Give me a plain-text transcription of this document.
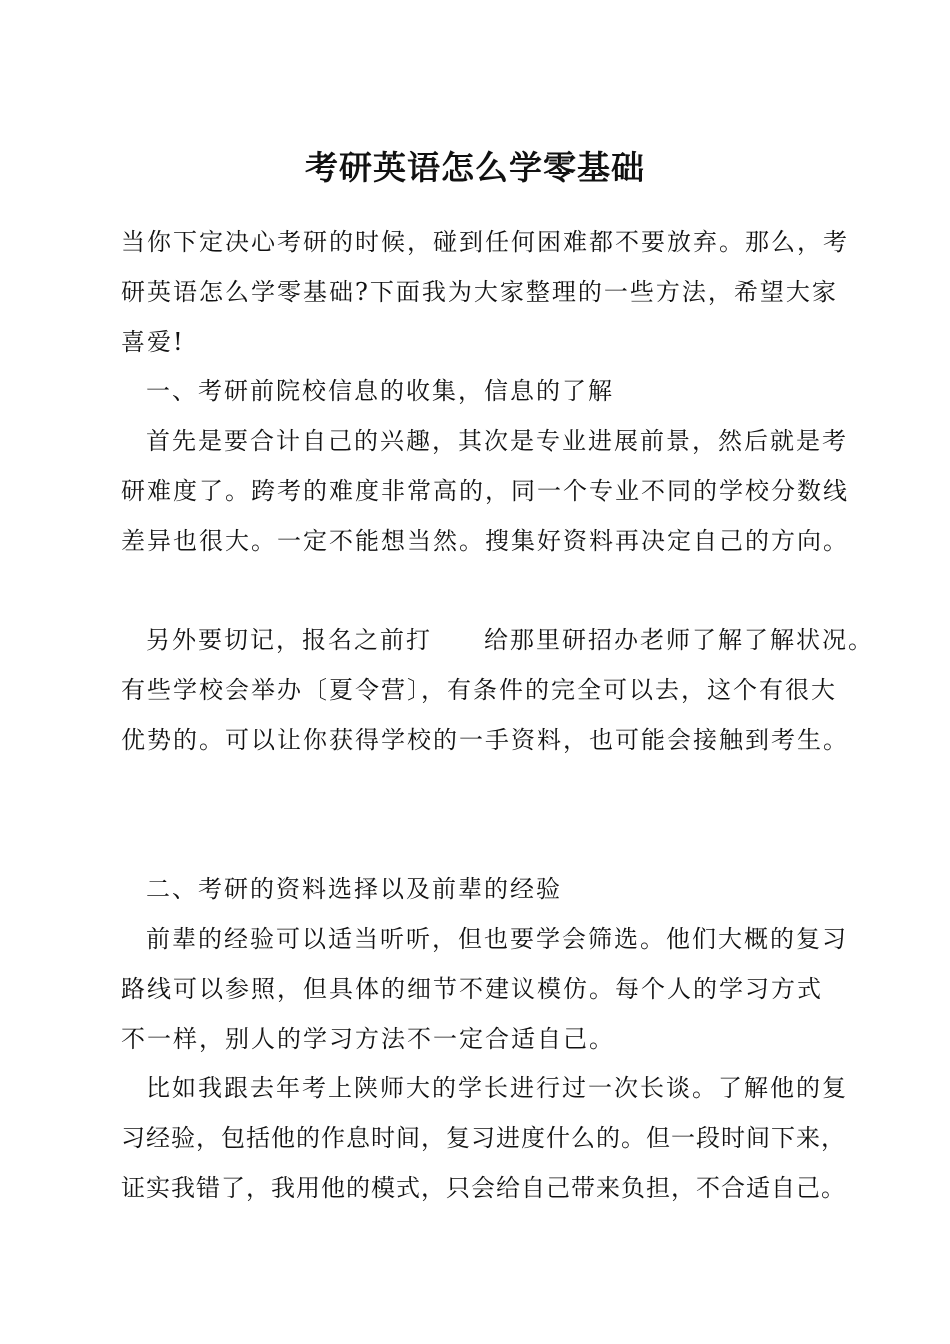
考研英语怎么学零基础

当你下定决心考研的时候，碰到任何困难都不要放弃。那么，考

研英语怎么学零基础?下面我为大家整理的一些方法，希望大家

喜爱!

一、考研前院校信息的收集，信息的了解

首先是要合计自己的兴趣，其次是专业进展前景，然后就是考

研难度了。跨考的难度非常高的，同一个专业不同的学校分数线

差异也很大。一定不能想当然。搜集好资料再决定自己的方向。

另外要切记，报名之前打　　给那里研招办老师了解了解状况。

有些学校会举办〔夏令营〕，有条件的完全可以去，这个有很大

优势的。可以让你获得学校的一手资料，也可能会接触到考生。

二、考研的资料选择以及前辈的经验

前辈的经验可以适当听听，但也要学会筛选。他们大概的复习

路线可以参照，但具体的细节不建议模仿。每个人的学习方式

不一样，别人的学习方法不一定合适自己。

比如我跟去年考上陕师大的学长进行过一次长谈。了解他的复

习经验，包括他的作息时间，复习进度什么的。但一段时间下来，

证实我错了，我用他的模式，只会给自己带来负担，不合适自己。
